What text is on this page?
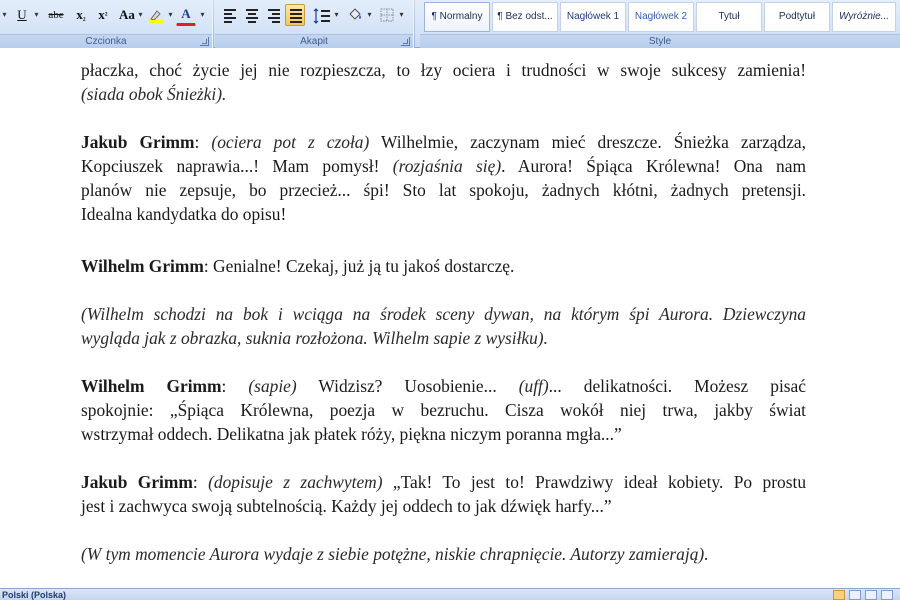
▾ U ▾ abe x₂ $x^{^2}$ Aa ▾	▾ A	▾
Czcionka
▾	▾	▾
Akapit
¶ Normalny	¶ Bez odst...	Nagłówek 1	Nagłówek 2	Tytuł	Podtytuł	Wyróżnie...
Style
płaczka, choć życie jej nie rozpieszcza, to łzy ociera i trudności w swoje sukcesy zamienia!
(siada obok Śnieżki).
Jakub Grimm: (ociera pot z czoła) Wilhelmie, zaczynam mieć dreszcze. Śnieżka zarządza,
Kopciuszek naprawia...! Mam pomysł! (rozjaśnia się). Aurora! Śpiąca Królewna! Ona nam
planów nie zepsuje, bo przecież... śpi! Sto lat spokoju, żadnych kłótni, żadnych pretensji.
Idealna kandydatka do opisu!
Wilhelm Grimm: Genialne! Czekaj, już ją tu jakoś dostarczę.
(Wilhelm schodzi na bok i wciąga na środek sceny dywan, na którym śpi Aurora. Dziewczyna
wygląda jak z obrazka, suknia rozłożona. Wilhelm sapie z wysiłku).
Wilhelm Grimm: (sapie) Widzisz? Uosobienie... (uff)... delikatności. Możesz pisać
spokojnie: „Śpiąca Królewna, poezja w bezruchu. Cisza wokół niej trwa, jakby świat
wstrzymał oddech. Delikatna jak płatek róży, piękna niczym poranna mgła...”
Jakub Grimm: (dopisuje z zachwytem) „Tak! To jest to! Prawdziwy ideał kobiety. Po prostu
jest i zachwyca swoją subtelnością. Każdy jej oddech to jak dźwięk harfy...”
(W tym momencie Aurora wydaje z siebie potężne, niskie chrapnięcie. Autorzy zamierają).
Polski (Polska)
